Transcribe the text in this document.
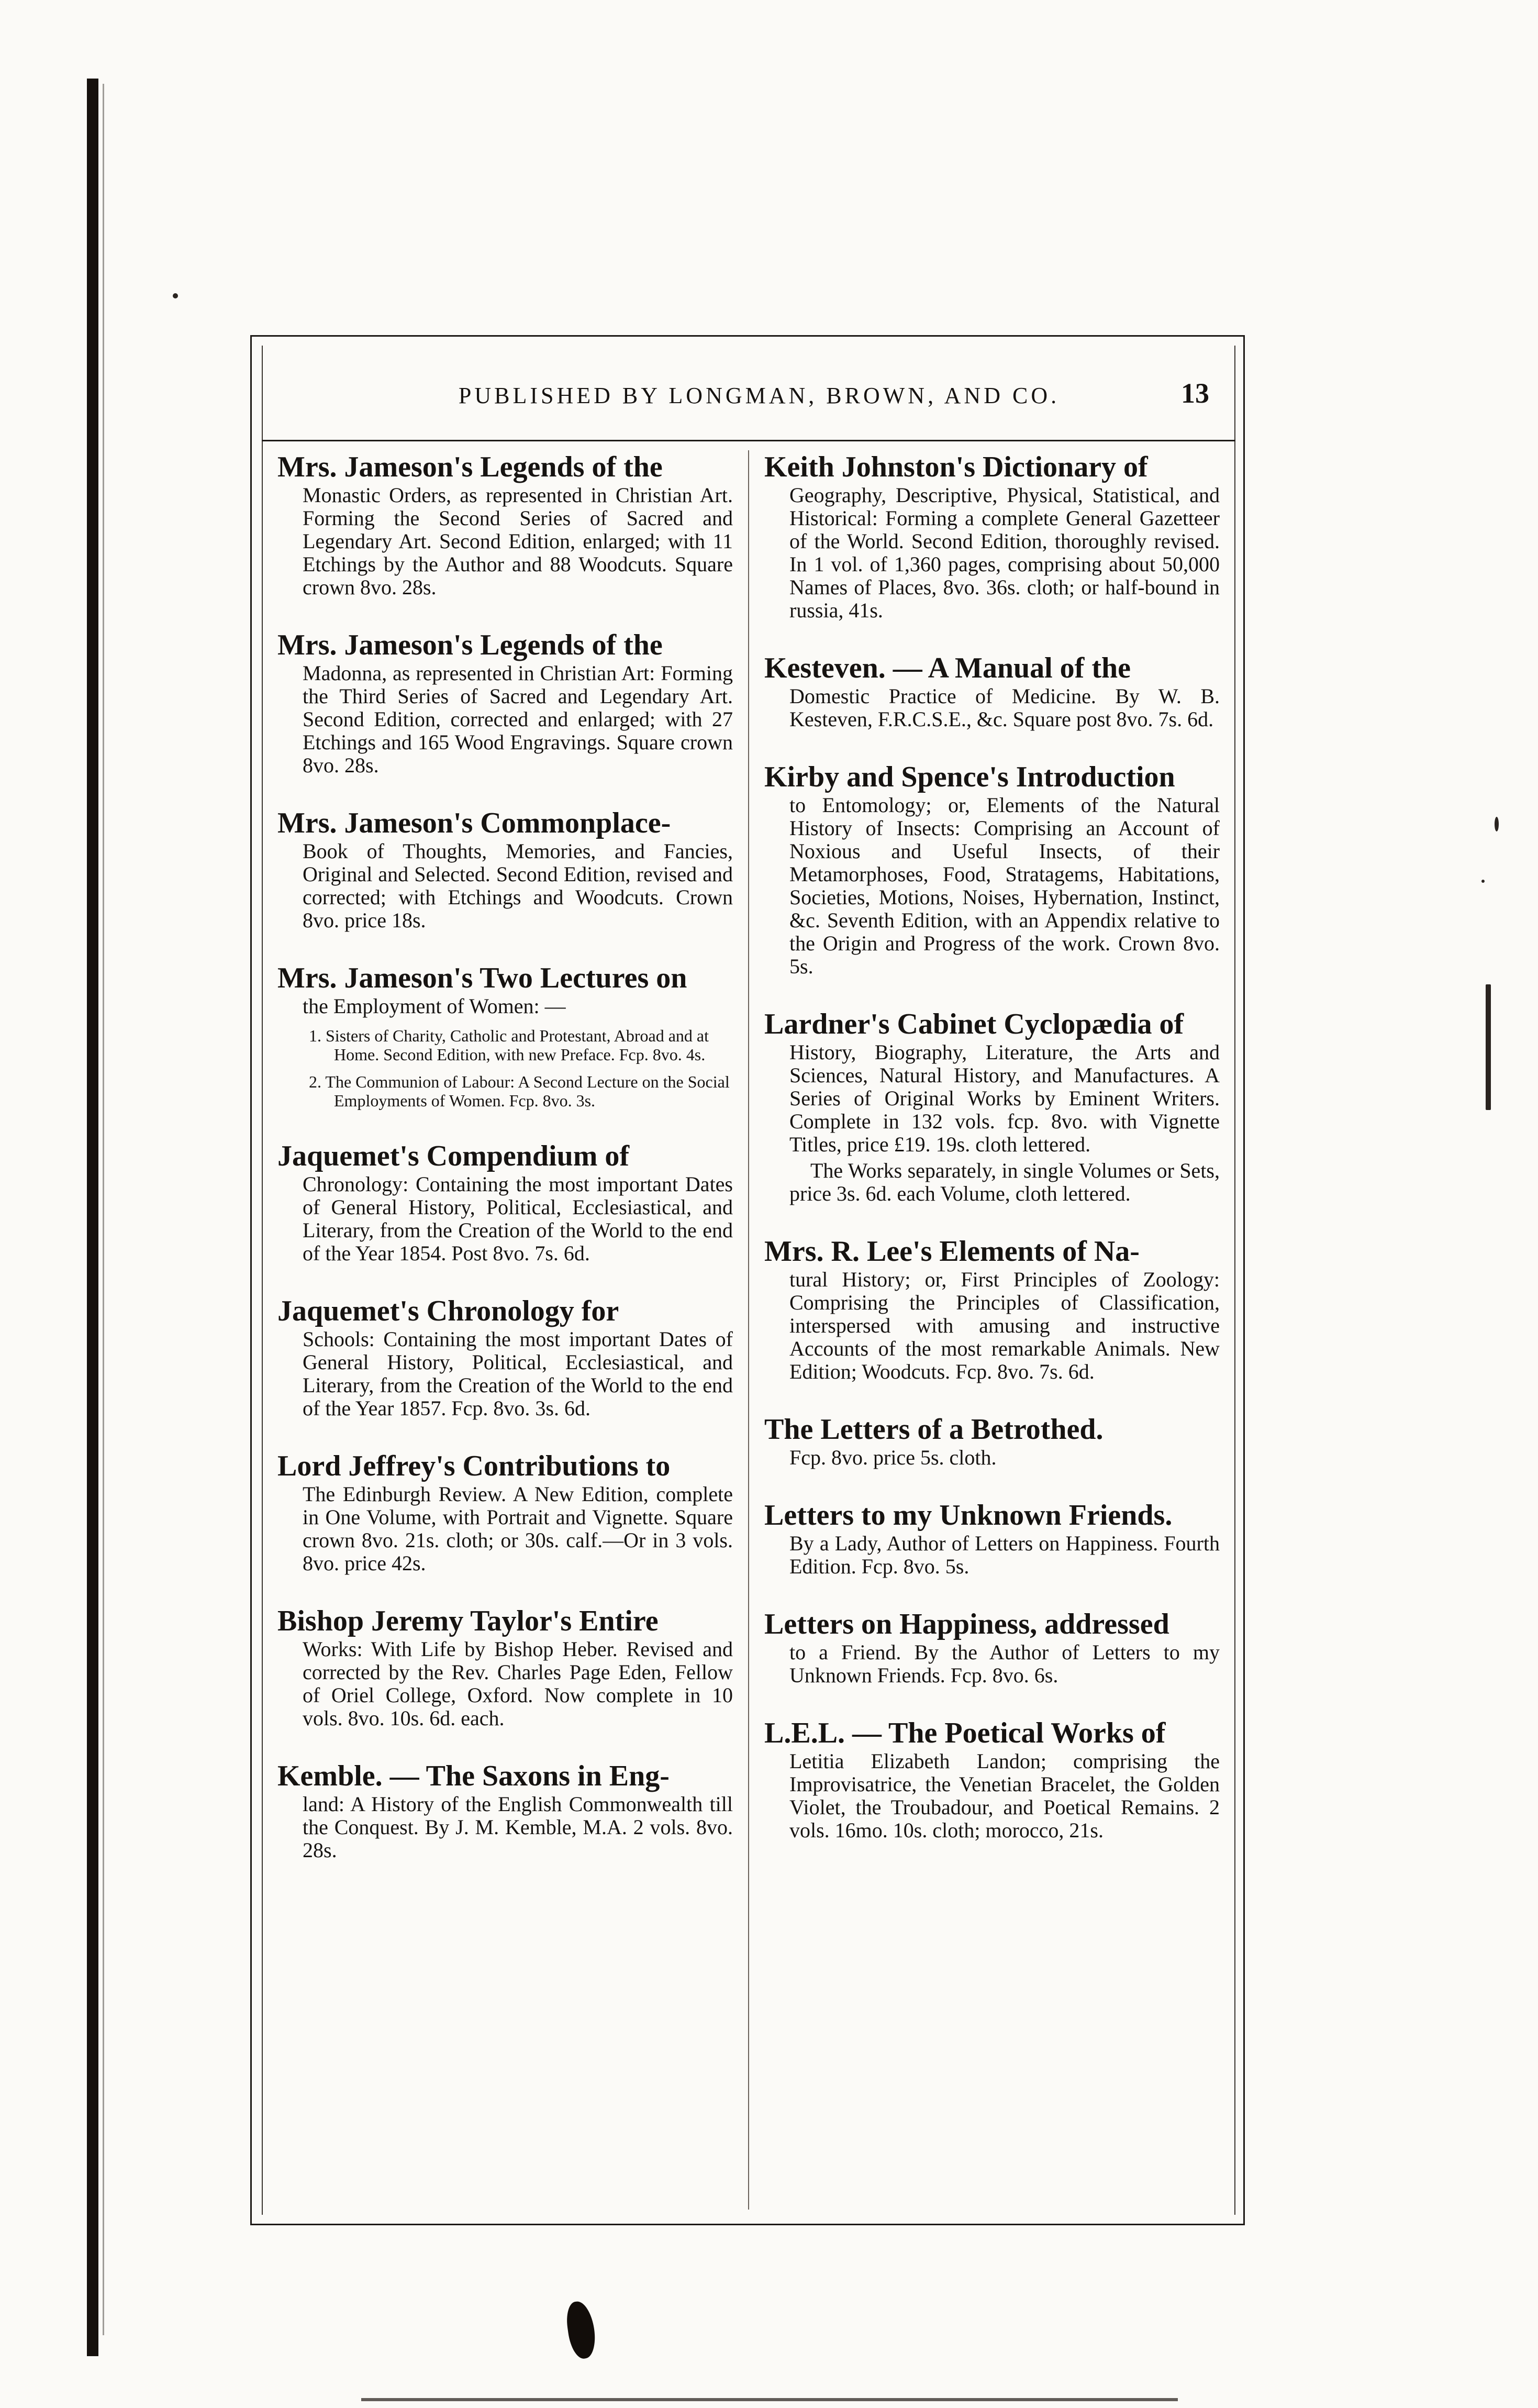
PUBLISHED BY LONGMAN, BROWN, AND CO.	13
Mrs. Jameson's Legends of the
Monastic Orders, as represented in Christian Art. Forming the Second Series of Sacred and Legendary Art. Second Edition, enlarged; with 11 Etchings by the Author and 88 Woodcuts. Square crown 8vo. 28s.
Mrs. Jameson's Legends of the
Madonna, as represented in Christian Art: Forming the Third Series of Sacred and Legendary Art. Second Edition, corrected and enlarged; with 27 Etchings and 165 Wood Engravings. Square crown 8vo. 28s.
Mrs. Jameson's Commonplace-
Book of Thoughts, Memories, and Fancies, Original and Selected. Second Edition, revised and corrected; with Etchings and Woodcuts. Crown 8vo. price 18s.
Mrs. Jameson's Two Lectures on
the Employment of Women: —
1. Sisters of Charity, Catholic and Protestant, Abroad and at Home. Second Edition, with new Preface. Fcp. 8vo. 4s.
2. The Communion of Labour: A Second Lecture on the Social Employments of Women. Fcp. 8vo. 3s.
Jaquemet's Compendium of
Chronology: Containing the most important Dates of General History, Political, Ecclesiastical, and Literary, from the Creation of the World to the end of the Year 1854. Post 8vo. 7s. 6d.
Jaquemet's Chronology for
Schools: Containing the most important Dates of General History, Political, Ecclesiastical, and Literary, from the Creation of the World to the end of the Year 1857. Fcp. 8vo. 3s. 6d.
Lord Jeffrey's Contributions to
The Edinburgh Review. A New Edition, complete in One Volume, with Portrait and Vignette. Square crown 8vo. 21s. cloth; or 30s. calf.—Or in 3 vols. 8vo. price 42s.
Bishop Jeremy Taylor's Entire
Works: With Life by Bishop Heber. Revised and corrected by the Rev. Charles Page Eden, Fellow of Oriel College, Oxford. Now complete in 10 vols. 8vo. 10s. 6d. each.
Kemble. — The Saxons in Eng-
land: A History of the English Commonwealth till the Conquest. By J. M. Kemble, M.A. 2 vols. 8vo. 28s.
Keith Johnston's Dictionary of
Geography, Descriptive, Physical, Statistical, and Historical: Forming a complete General Gazetteer of the World. Second Edition, thoroughly revised. In 1 vol. of 1,360 pages, comprising about 50,000 Names of Places, 8vo. 36s. cloth; or half-bound in russia, 41s.
Kesteven. — A Manual of the
Domestic Practice of Medicine. By W. B. Kesteven, F.R.C.S.E., &c. Square post 8vo. 7s. 6d.
Kirby and Spence's Introduction
to Entomology; or, Elements of the Natural History of Insects: Comprising an Account of Noxious and Useful Insects, of their Metamorphoses, Food, Stratagems, Habitations, Societies, Motions, Noises, Hybernation, Instinct, &c. Seventh Edition, with an Appendix relative to the Origin and Progress of the work. Crown 8vo. 5s.
Lardner's Cabinet Cyclopædia of
History, Biography, Literature, the Arts and Sciences, Natural History, and Manufactures. A Series of Original Works by Eminent Writers. Complete in 132 vols. fcp. 8vo. with Vignette Titles, price £19. 19s. cloth lettered.
The Works separately, in single Volumes or Sets, price 3s. 6d. each Volume, cloth lettered.
Mrs. R. Lee's Elements of Na-
tural History; or, First Principles of Zoology: Comprising the Principles of Classification, interspersed with amusing and instructive Accounts of the most remarkable Animals. New Edition; Woodcuts. Fcp. 8vo. 7s. 6d.
The Letters of a Betrothed.
Fcp. 8vo. price 5s. cloth.
Letters to my Unknown Friends.
By a Lady, Author of Letters on Happiness. Fourth Edition. Fcp. 8vo. 5s.
Letters on Happiness, addressed
to a Friend. By the Author of Letters to my Unknown Friends. Fcp. 8vo. 6s.
L.E.L. — The Poetical Works of
Letitia Elizabeth Landon; comprising the Improvisatrice, the Venetian Bracelet, the Golden Violet, the Troubadour, and Poetical Remains. 2 vols. 16mo. 10s. cloth; morocco, 21s.
